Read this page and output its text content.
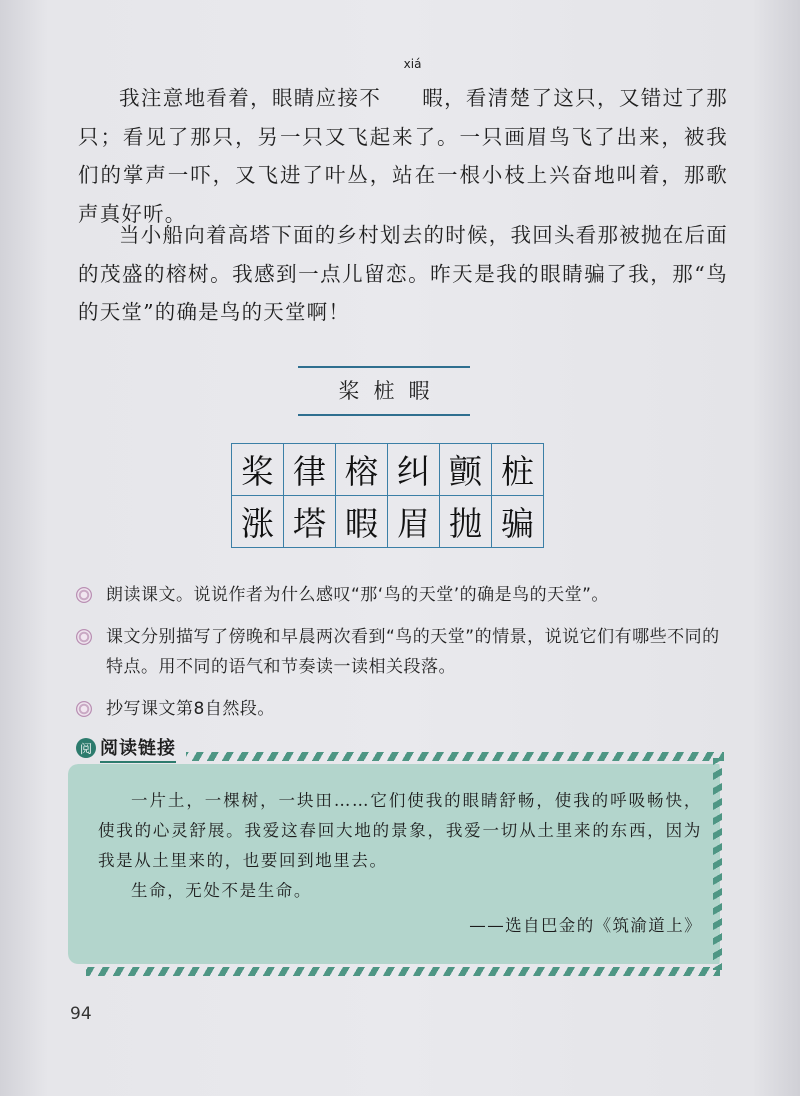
我注意地看着，眼睛应接不 暇
xiá
，看清楚了这只，又错过了那只；看见了那只，另一只又飞起来了。一只画眉鸟飞了出来，被我们的掌声一吓，又飞进了叶丛，站在一根小枝上兴奋地叫着，那歌声真好听。

当小船向着高塔下面的乡村划去的时候，我回头看那被抛在后面的茂盛的榕树。我感到一点儿留恋。昨天是我的眼睛骗了我，那“鸟的天堂”的确是鸟的天堂啊！

桨桩暇
桨 律 榕 纠 颤 桩
涨 塔 暇 眉 抛 骗
朗读课文。说说作者为什么感叹“那‘鸟的天堂’的确是鸟的天堂”。
课文分别描写了傍晚和早晨两次看到“鸟的天堂”的情景，说说它们有哪些不同的特点。用不同的语气和节奏读一读相关段落。
抄写课文第8自然段。
阅 阅读链接

一片土，一棵树，一块田……它们使我的眼睛舒畅，使我的呼吸畅快，使我的心灵舒展。我爱这春回大地的景象，我爱一切从土里来的东西，因为我是从土里来的，也要回到地里去。

生命，无处不是生命。

——选自巴金的《筑渝道上》
94
